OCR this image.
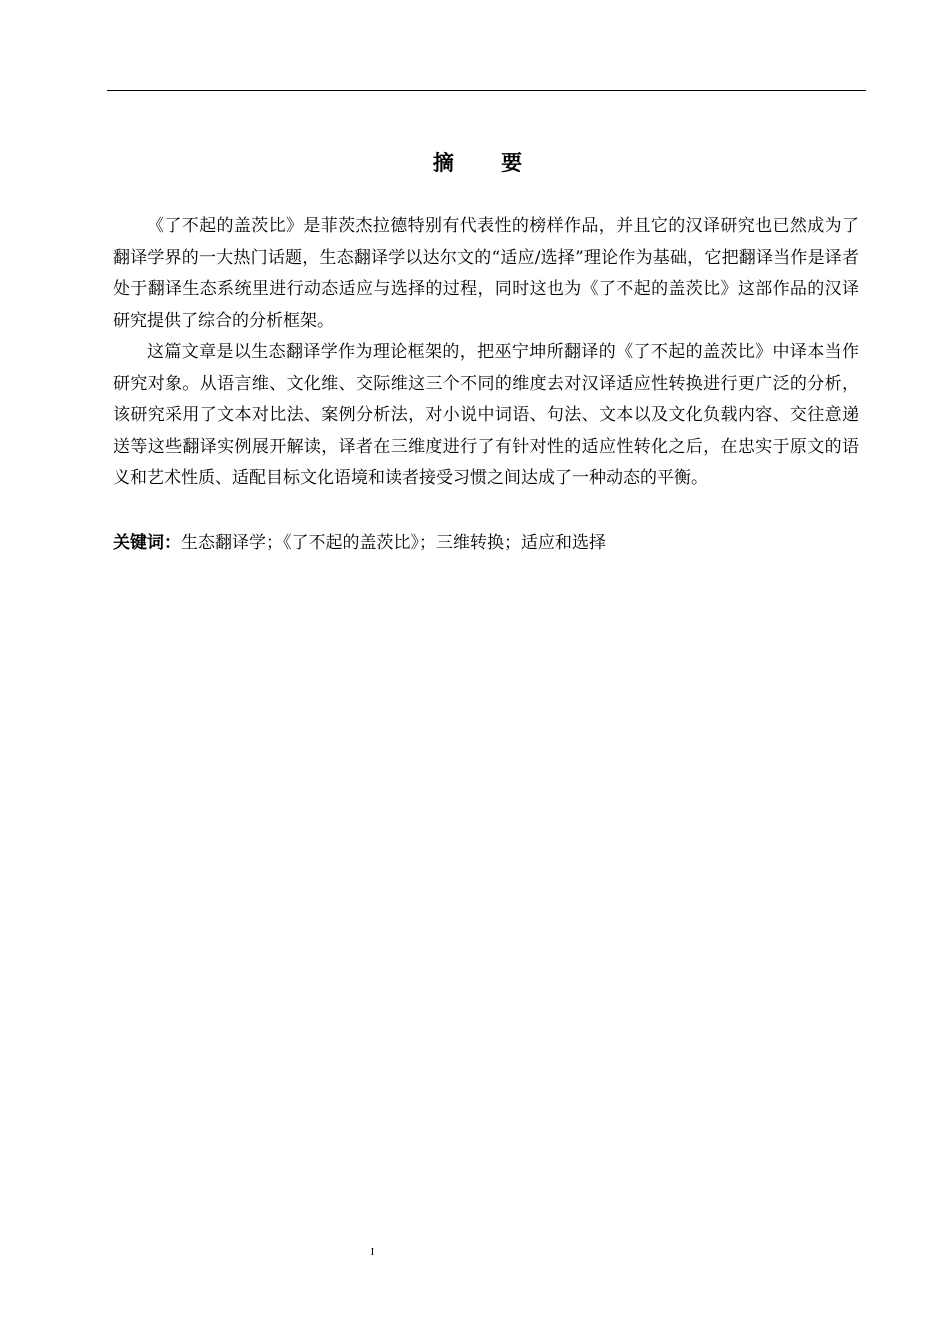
摘 要

《了不起的盖茨比》是菲茨杰拉德特别有代表性的榜样作品，并且它的汉译研究也已然成为了翻译学界的一大热门话题，生态翻译学以达尔文的“适应/选择”理论作为基础，它把翻译当作是译者处于翻译生态系统里进行动态适应与选择的过程，同时这也为《了不起的盖茨比》这部作品的汉译研究提供了综合的分析框架。

这篇文章是以生态翻译学作为理论框架的，把巫宁坤所翻译的《了不起的盖茨比》中译本当作研究对象。从语言维、文化维、交际维这三个不同的维度去对汉译适应性转换进行更广泛的分析，该研究采用了文本对比法、案例分析法，对小说中词语、句法、文本以及文化负载内容、交往意递送等这些翻译实例展开解读，译者在三维度进行了有针对性的适应性转化之后，在忠实于原文的语义和艺术性质、适配目标文化语境和读者接受习惯之间达成了一种动态的平衡。

关键词：生态翻译学；《了不起的盖茨比》；三维转换；适应和选择

I
